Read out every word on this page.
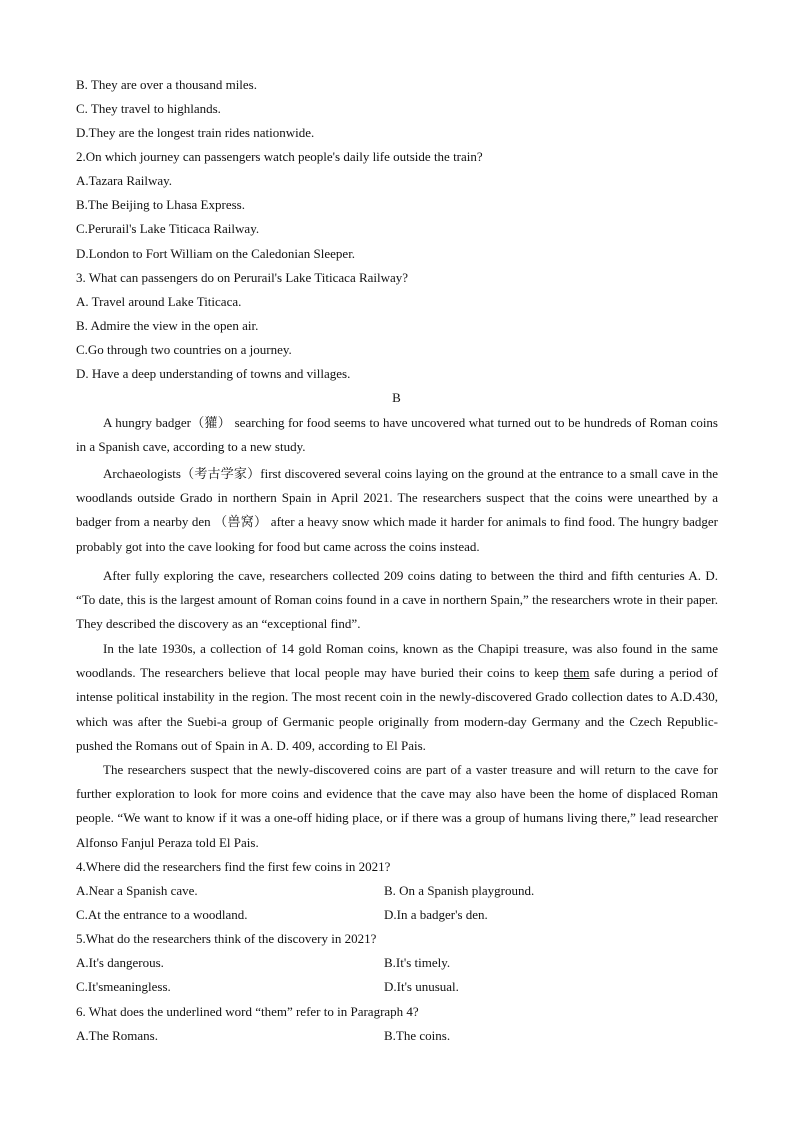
B. They are over a thousand miles.
C. They travel to highlands.
D.They are the longest train rides nationwide.
2.On which journey can passengers watch people's daily life outside the train?
A.Tazara Railway.
B.The Beijing to Lhasa Express.
C.Perurail's Lake Titicaca Railway.
D.London to Fort William on the Caledonian Sleeper.
3. What can passengers do on Perurail's Lake Titicaca Railway?
A. Travel around Lake Titicaca.
B. Admire the view in the open air.
C.Go through two countries on a journey.
D. Have a deep understanding of towns and villages.
B

A hungry badger（獾） searching for food seems to have uncovered what turned out to be hundreds of Roman coins in a Spanish cave, according to a new study.

Archaeologists（考古学家）first discovered several coins laying on the ground at the entrance to a small cave in the woodlands outside Grado in northern Spain in April 2021. The researchers suspect that the coins were unearthed by a badger from a nearby den （兽窝） after a heavy snow which made it harder for animals to find food. The hungry badger probably got into the cave looking for food but came across the coins instead.

After fully exploring the cave, researchers collected 209 coins dating to between the third and fifth centuries A. D. “To date, this is the largest amount of Roman coins found in a cave in northern Spain,” the researchers wrote in their paper. They described the discovery as an “exceptional find”.

In the late 1930s, a collection of 14 gold Roman coins, known as the Chapipi treasure, was also found in the same woodlands. The researchers believe that local people may have buried their coins to keep them safe during a period of intense political instability in the region. The most recent coin in the newly-discovered Grado collection dates to A.D.430, which was after the Suebi-a group of Germanic people originally from modern-day Germany and the Czech Republic-pushed the Romans out of Spain in A. D. 409, according to El Pais.

The researchers suspect that the newly-discovered coins are part of a vaster treasure and will return to the cave for further exploration to look for more coins and evidence that the cave may also have been the home of displaced Roman people. “We want to know if it was a one-off hiding place, or if there was a group of humans living there,” lead researcher Alfonso Fanjul Peraza told El Pais.

4.Where did the researchers find the first few coins in 2021?
A.Near a Spanish cave.	B. On a Spanish playground.
C.At the entrance to a woodland.	D.In a badger's den.
5.What do the researchers think of the discovery in 2021?
A.It's dangerous.	B.It's timely.
C.It'smeaningless.	D.It's unusual.
6. What does the underlined word “them” refer to in Paragraph 4?
A.The Romans.	B.The coins.
